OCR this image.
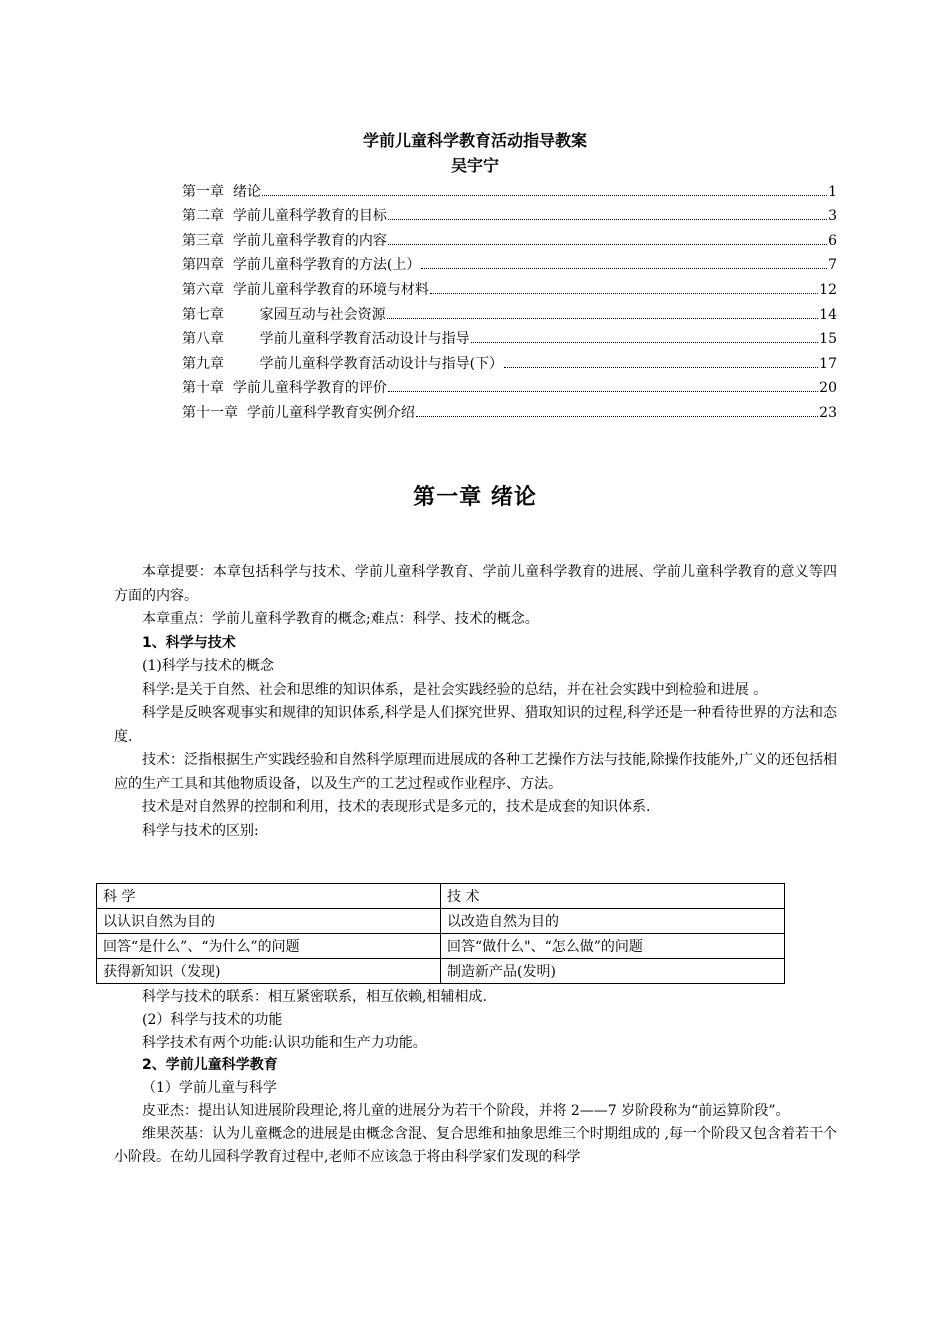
学前儿童科学教育活动指导教案
吴宇宁
第一章  绪论	1
第二章  学前儿童科学教育的目标	3
第三章  学前儿童科学教育的内容	6
第四章  学前儿童科学教育的方法(上）	7
第六章  学前儿童科学教育的环境与材料	12
第七章        家园互动与社会资源	14
第八章        学前儿童科学教育活动设计与指导	15
第九章        学前儿童科学教育活动设计与指导(下）	17
第十章  学前儿童科学教育的评价	20
第十一章  学前儿童科学教育实例介绍	23
第一章 绪论

本章提要：本章包括科学与技术、学前儿童科学教育、学前儿童科学教育的进展、学前儿童科学教育的意义等四方面的内容。

本章重点：学前儿童科学教育的概念;难点：科学、技术的概念。

1、科学与技术

(1)科学与技术的概念

科学:是关于自然、社会和思维的知识体系，是社会实践经验的总结，并在社会实践中到检验和进展 。

科学是反映客观事实和规律的知识体系,科学是人们探究世界、猎取知识的过程,科学还是一种看待世界的方法和态度.

技术：泛指根据生产实践经验和自然科学原理而进展成的各种工艺操作方法与技能,除操作技能外,广义的还包括相应的生产工具和其他物质设备，以及生产的工艺过程或作业程序、方法。

技术是对自然界的控制和利用，技术的表现形式是多元的，技术是成套的知识体系.

科学与技术的区别:

科 学	技 术
以认识自然为目的	以改造自然为目的
回答“是什么”、“为什么”的问题	回答“做什么"、“怎么做”的问题
获得新知识（发现)	制造新产品(发明)

科学与技术的联系：相互紧密联系，相互依赖,相辅相成.

(2）科学与技术的功能

科学技术有两个功能:认识功能和生产力功能。

2、学前儿童科学教育

（1）学前儿童与科学

皮亚杰：提出认知进展阶段理论,将儿童的进展分为若干个阶段，并将 2——7 岁阶段称为“前运算阶段”。

维果茨基：认为儿童概念的进展是由概念含混、复合思维和抽象思维三个时期组成的 ,每一个阶段又包含着若干个小阶段。在幼儿园科学教育过程中,老师不应该急于将由科学家们发现的科学
